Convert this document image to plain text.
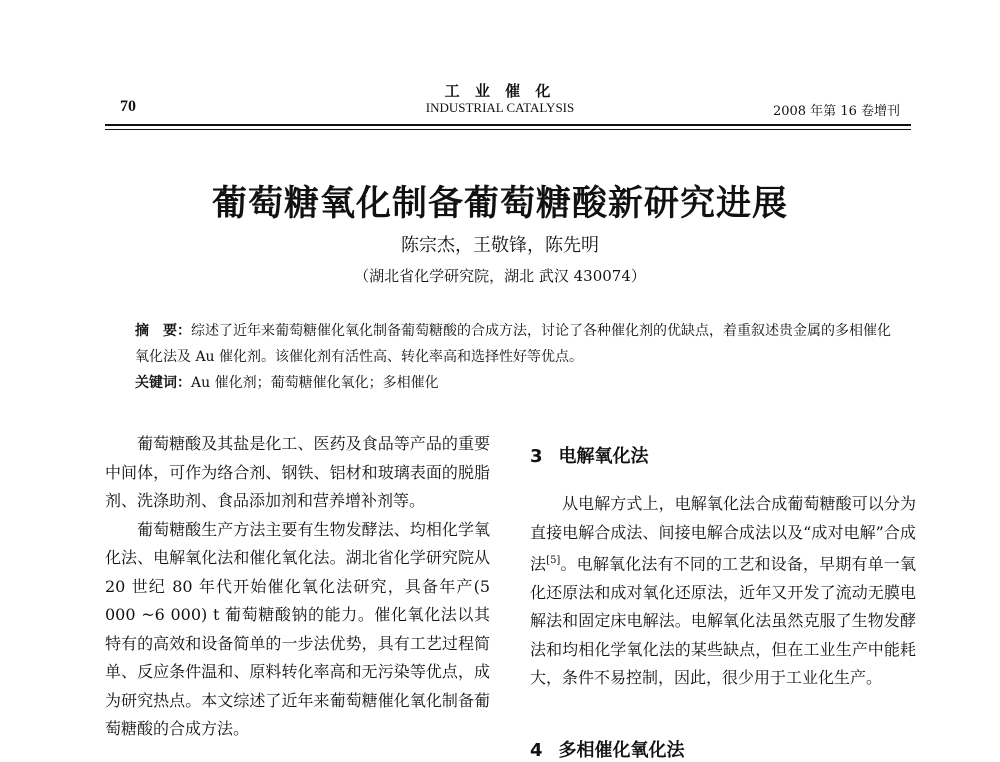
工 业 催 化
INDUSTRIAL CATALYSIS
70	2008 年第 16 卷增刊
葡萄糖氧化制备葡萄糖酸新研究进展
陈宗杰，王敬锋，陈先明
（湖北省化学研究院，湖北 武汉 430074）
摘　要：综述了近年来葡萄糖催化氧化制备葡萄糖酸的合成方法，讨论了各种催化剂的优缺点，着重叙述贵金属的多相催化氧化法及 Au 催化剂。该催化剂有活性高、转化率高和选择性好等优点。
关键词：Au 催化剂；葡萄糖催化氧化；多相催化

葡萄糖酸及其盐是化工、医药及食品等产品的重要中间体，可作为络合剂、钢铁、铝材和玻璃表面的脱脂剂、洗涤助剂、食品添加剂和营养增补剂等。

葡萄糖酸生产方法主要有生物发酵法、均相化学氧化法、电解氧化法和催化氧化法。湖北省化学研究院从 20 世纪 80 年代开始催化氧化法研究，具备年产(5 000 ~6 000) t 葡萄糖酸钠的能力。催化氧化法以其特有的高效和设备简单的一步法优势，具有工艺过程简单、反应条件温和、原料转化率高和无污染等优点，成为研究热点。本文综述了近年来葡萄糖催化氧化制备葡萄糖酸的合成方法。

3 电解氧化法

从电解方式上，电解氧化法合成葡萄糖酸可以分为直接电解合成法、间接电解合成法以及“成对电解”合成法[5]。电解氧化法有不同的工艺和设备，早期有单一氧化还原法和成对氧化还原法，近年又开发了流动无膜电解法和固定床电解法。电解氧化法虽然克服了生物发酵法和均相化学氧化法的某些缺点，但在工业生产中能耗大，条件不易控制，因此，很少用于工业化生产。

4 多相催化氧化法
